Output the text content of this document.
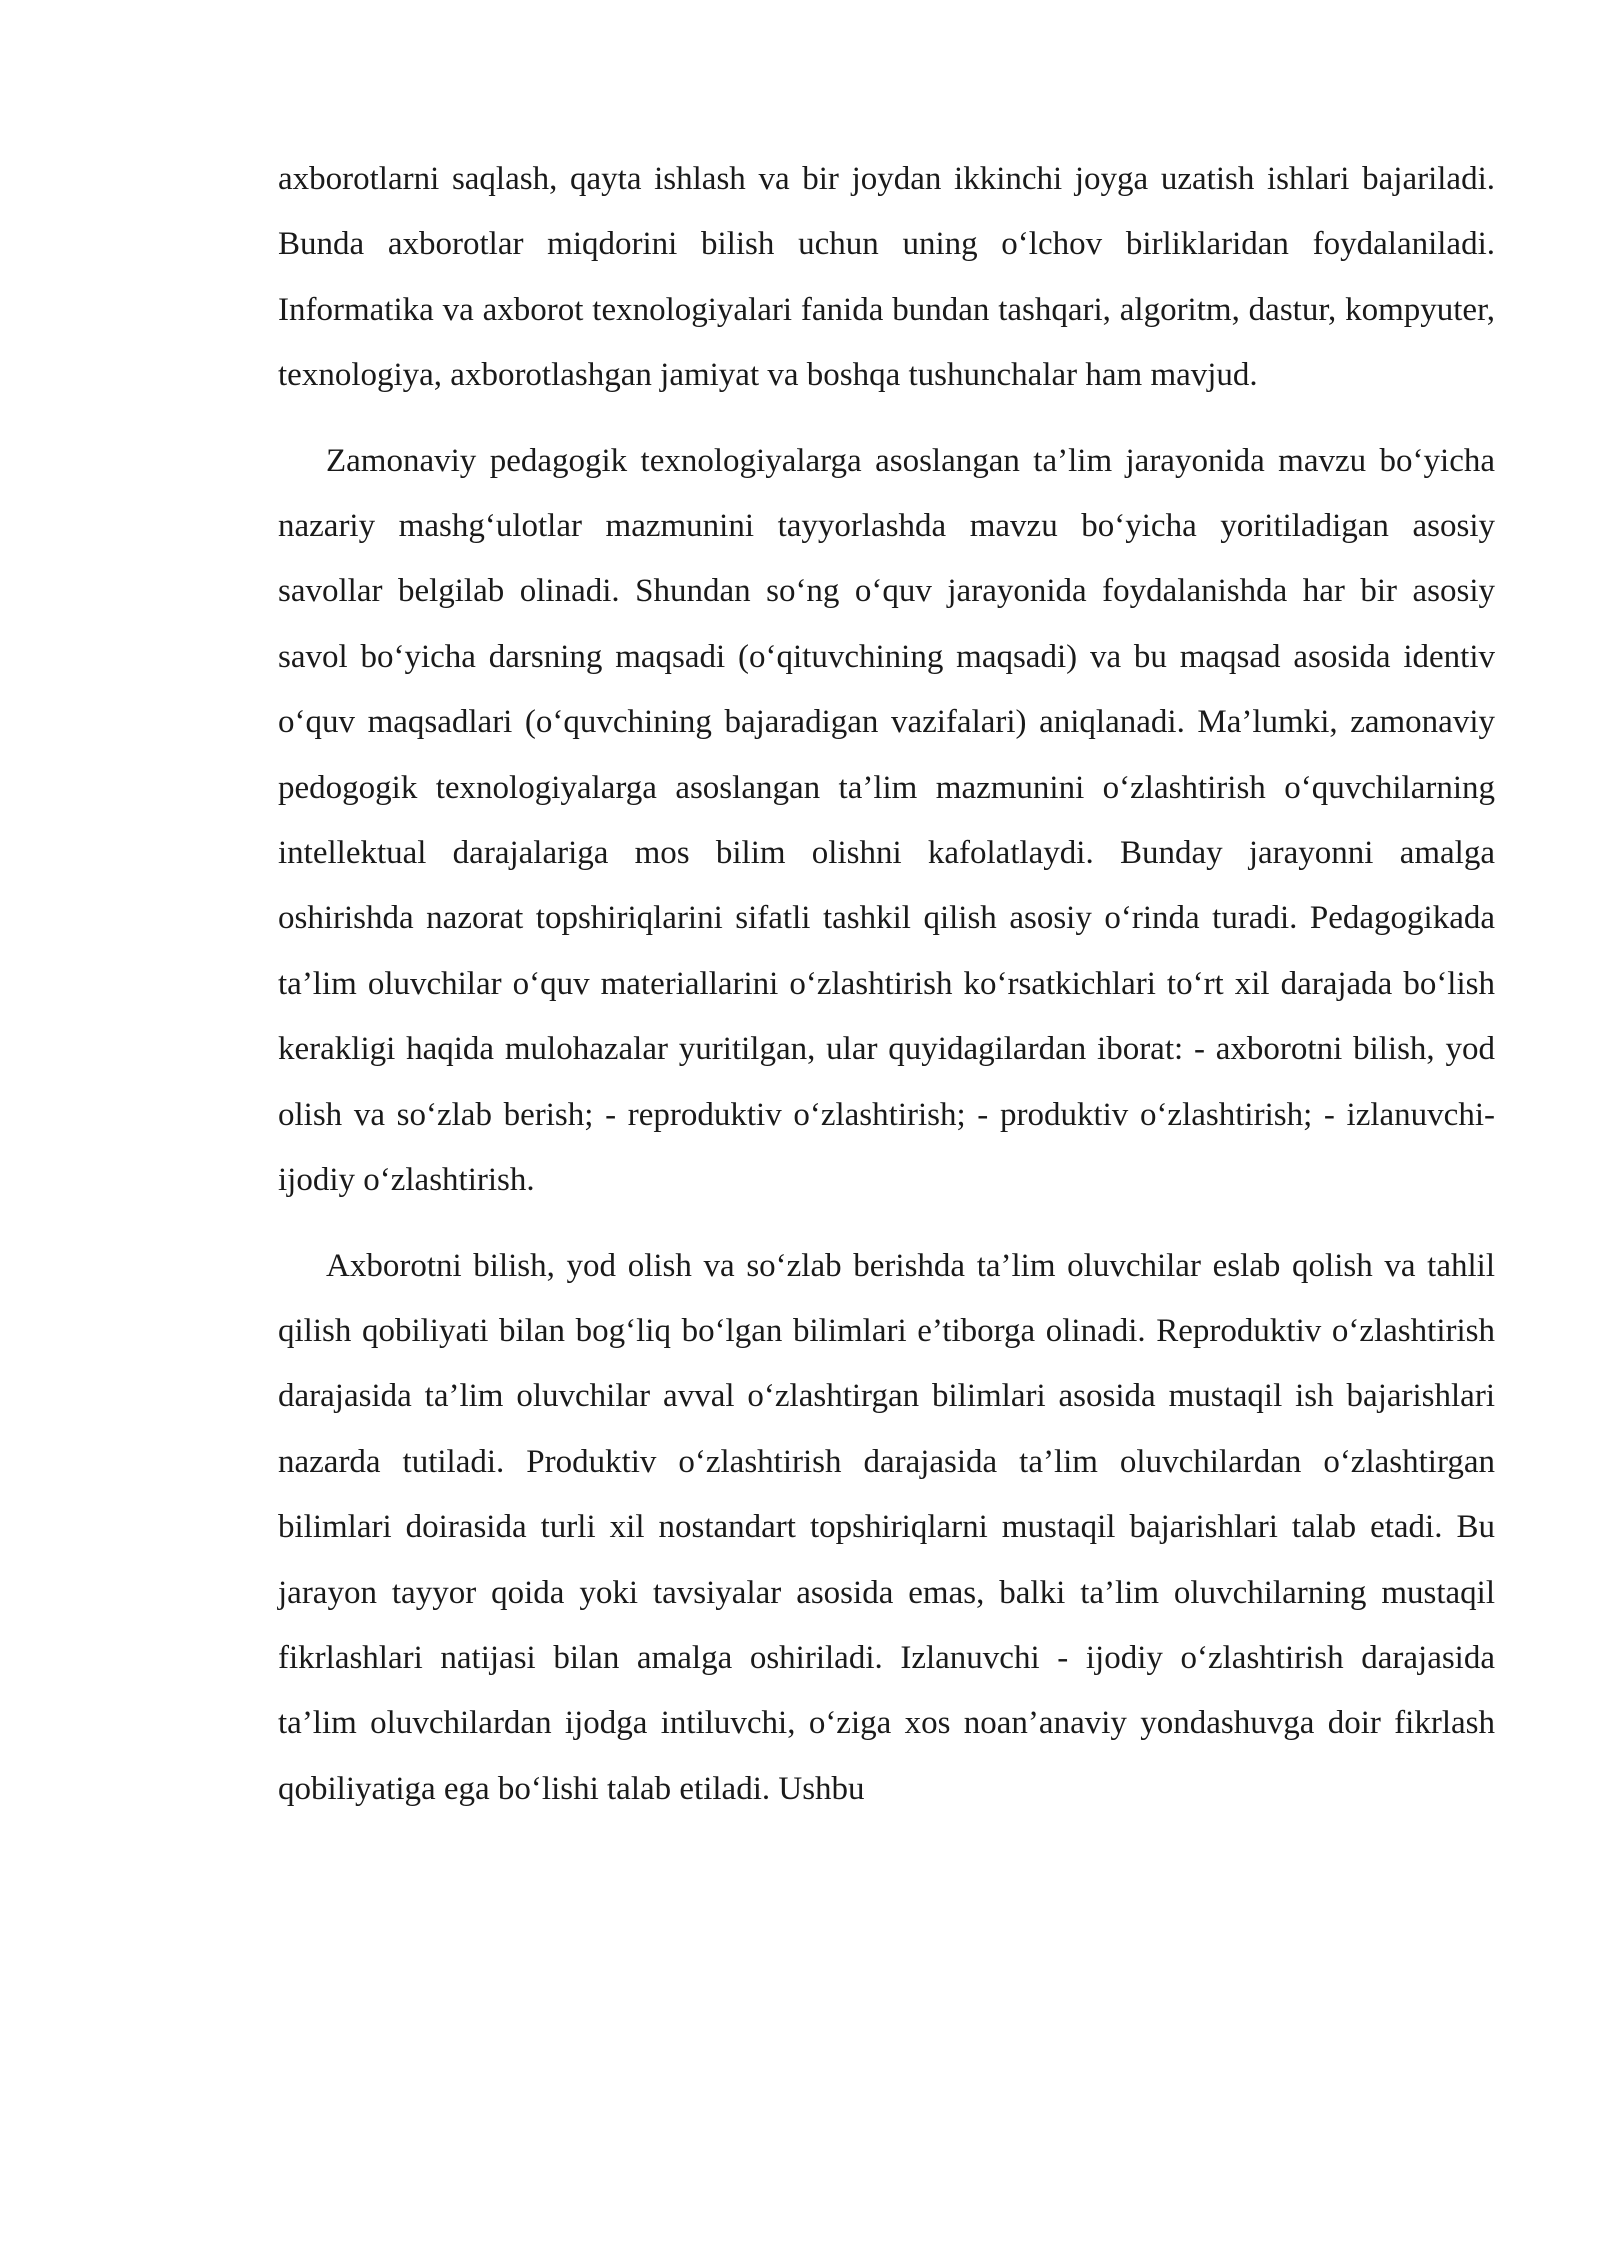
axborotlarni saqlash, qayta ishlash va bir joydan ikkinchi joyga uzatish ishlari bajariladi. Bunda axborotlar miqdorini bilish uchun uning o‘lchov birliklaridan foydalaniladi. Informatika va axborot texnologiyalari fanida bundan tashqari, algoritm, dastur, kompyuter, texnologiya, axborotlashgan jamiyat va boshqa tushunchalar ham mavjud.

Zamonaviy pedagogik texnologiyalarga asoslangan ta’lim jarayonida mavzu bo‘yicha nazariy mashg‘ulotlar mazmunini tayyorlashda mavzu bo‘yicha yoritiladigan asosiy savollar belgilab olinadi. Shundan so‘ng o‘quv jarayonida foydalanishda har bir asosiy savol bo‘yicha darsning maqsadi (o‘qituvchining maqsadi) va bu maqsad asosida identiv o‘quv maqsadlari (o‘quvchining bajaradigan vazifalari) aniqlanadi. Ma’lumki, zamonaviy pedogogik texnologiyalarga asoslangan ta’lim mazmunini o‘zlashtirish o‘quvchilarning intellektual darajalariga mos bilim olishni kafolatlaydi. Bunday jarayonni amalga oshirishda nazorat topshiriqlarini sifatli tashkil qilish asosiy o‘rinda turadi. Pedagogikada ta’lim oluvchilar o‘quv materiallarini o‘zlashtirish ko‘rsatkichlari to‘rt xil darajada bo‘lish kerakligi haqida mulohazalar yuritilgan, ular quyidagilardan iborat: - axborotni bilish, yod olish va so‘zlab berish; - reproduktiv o‘zlashtirish; - produktiv o‘zlashtirish; - izlanuvchi- ijodiy o‘zlashtirish.

Axborotni bilish, yod olish va so‘zlab berishda ta’lim oluvchilar eslab qolish va tahlil qilish qobiliyati bilan bog‘liq bo‘lgan bilimlari e’tiborga olinadi. Reproduktiv o‘zlashtirish darajasida ta’lim oluvchilar avval o‘zlashtirgan bilimlari asosida mustaqil ish bajarishlari nazarda tutiladi. Produktiv o‘zlashtirish darajasida ta’lim oluvchilardan o‘zlashtirgan bilimlari doirasida turli xil nostandart topshiriqlarni mustaqil bajarishlari talab etadi. Bu jarayon tayyor qoida yoki tavsiyalar asosida emas, balki ta’lim oluvchilarning mustaqil fikrlashlari natijasi bilan amalga oshiriladi. Izlanuvchi - ijodiy o‘zlashtirish darajasida ta’lim oluvchilardan ijodga intiluvchi, o‘ziga xos noan’anaviy yondashuvga doir fikrlash qobiliyatiga ega bo‘lishi talab etiladi. Ushbu
